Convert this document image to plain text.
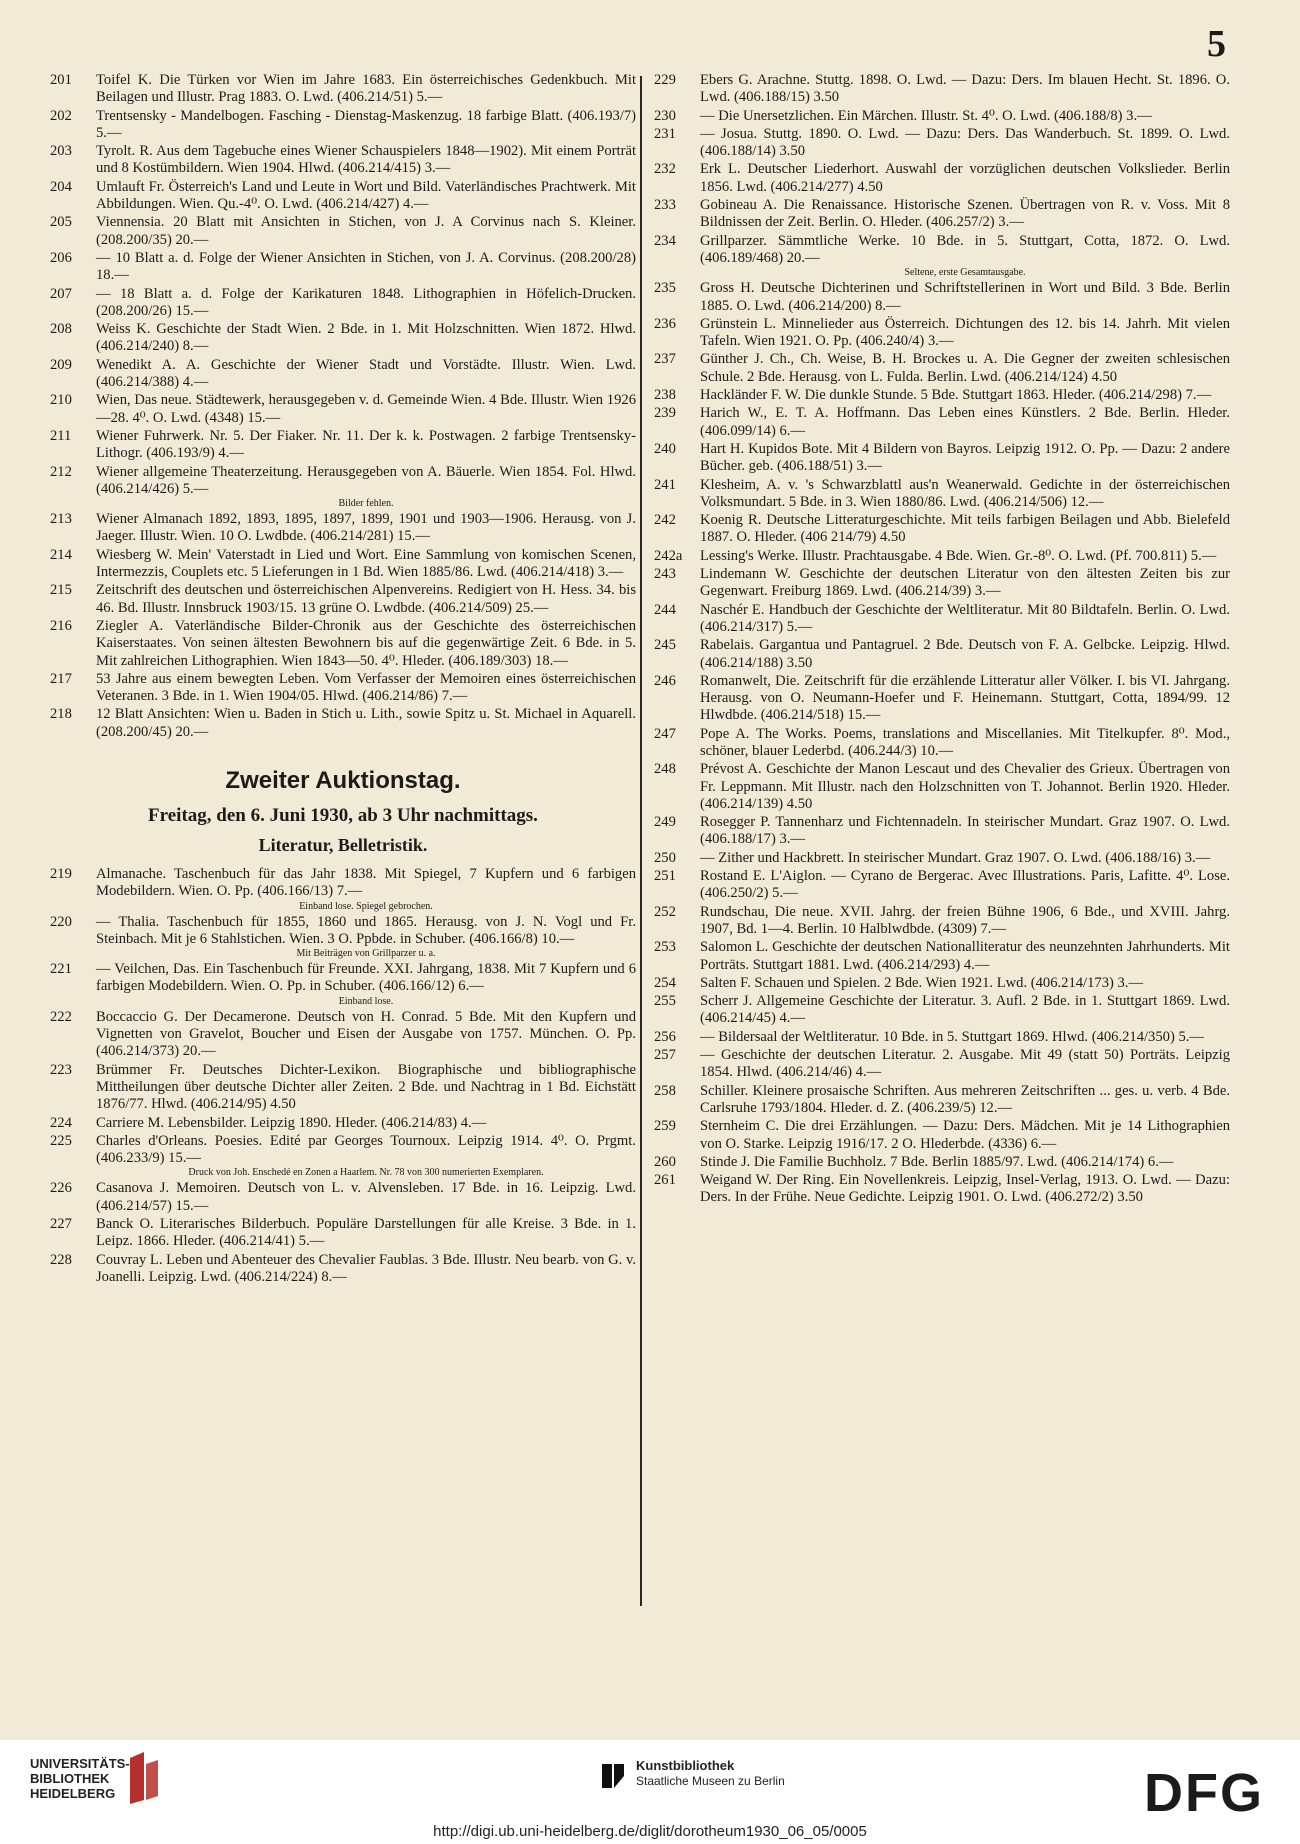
5
201	Toifel K. Die Türken vor Wien im Jahre 1683. Ein österreichisches Gedenkbuch. Mit Beilagen und Illustr. Prag 1883. O. Lwd. (406.214/51) 5.—
202	Trentsensky - Mandelbogen. Fasching - Dienstag-Maskenzug. 18 farbige Blatt. (406.193/7) 5.—
203	Tyrolt. R. Aus dem Tagebuche eines Wiener Schauspielers 1848—1902). Mit einem Porträt und 8 Kostümbildern. Wien 1904. Hlwd. (406.214/415) 3.—
204	Umlauft Fr. Österreich's Land und Leute in Wort und Bild. Vaterländisches Prachtwerk. Mit Abbildungen. Wien. Qu.-4⁰. O. Lwd. (406.214/427) 4.—
205	Viennensia. 20 Blatt mit Ansichten in Stichen, von J. A Corvinus nach S. Kleiner. (208.200/35) 20.—
206	— 10 Blatt a. d. Folge der Wiener Ansichten in Stichen, von J. A. Corvinus. (208.200/28) 18.—
207	— 18 Blatt a. d. Folge der Karikaturen 1848. Lithographien in Höfelich-Drucken. (208.200/26) 15.—
208	Weiss K. Geschichte der Stadt Wien. 2 Bde. in 1. Mit Holzschnitten. Wien 1872. Hlwd. (406.214/240) 8.—
209	Wenedikt A. A. Geschichte der Wiener Stadt und Vorstädte. Illustr. Wien. Lwd. (406.214/388) 4.—
210	Wien, Das neue. Städtewerk, herausgegeben v. d. Gemeinde Wien. 4 Bde. Illustr. Wien 1926—28. 4⁰. O. Lwd. (4348) 15.—
211	Wiener Fuhrwerk. Nr. 5. Der Fiaker. Nr. 11. Der k. k. Postwagen. 2 farbige Trentsensky-Lithogr. (406.193/9) 4.—
212	Wiener allgemeine Theaterzeitung. Herausgegeben von A. Bäuerle. Wien 1854. Fol. Hlwd. (406.214/426) 5.—
Bilder fehlen.
213	Wiener Almanach 1892, 1893, 1895, 1897, 1899, 1901 und 1903—1906. Herausg. von J. Jaeger. Illustr. Wien. 10 O. Lwdbde. (406.214/281) 15.—
214	Wiesberg W. Mein' Vaterstadt in Lied und Wort. Eine Sammlung von komischen Scenen, Intermezzis, Couplets etc. 5 Lieferungen in 1 Bd. Wien 1885/86. Lwd. (406.214/418) 3.—
215	Zeitschrift des deutschen und österreichischen Alpenvereins. Redigiert von H. Hess. 34. bis 46. Bd. Illustr. Innsbruck 1903/15. 13 grüne O. Lwdbde. (406.214/509) 25.—
216	Ziegler A. Vaterländische Bilder-Chronik aus der Geschichte des österreichischen Kaiserstaates. Von seinen ältesten Bewohnern bis auf die gegenwärtige Zeit. 6 Bde. in 5. Mit zahlreichen Lithographien. Wien 1843—50. 4⁰. Hleder. (406.189/303) 18.—
217	53 Jahre aus einem bewegten Leben. Vom Verfasser der Memoiren eines österreichischen Veteranen. 3 Bde. in 1. Wien 1904/05. Hlwd. (406.214/86) 7.—
218	12 Blatt Ansichten: Wien u. Baden in Stich u. Lith., sowie Spitz u. St. Michael in Aquarell. (208.200/45) 20.—
Zweiter Auktionstag.
Freitag, den 6. Juni 1930, ab 3 Uhr nachmittags.
Literatur, Belletristik.
219	Almanache. Taschenbuch für das Jahr 1838. Mit Spiegel, 7 Kupfern und 6 farbigen Modebildern. Wien. O. Pp. (406.166/13) 7.—
Einband lose. Spiegel gebrochen.
220	— Thalia. Taschenbuch für 1855, 1860 und 1865. Herausg. von J. N. Vogl und Fr. Steinbach. Mit je 6 Stahlstichen. Wien. 3 O. Ppbde. in Schuber. (406.166/8) 10.—
Mit Beiträgen von Grillparzer u. a.
221	— Veilchen, Das. Ein Taschenbuch für Freunde. XXI. Jahrgang, 1838. Mit 7 Kupfern und 6 farbigen Modebildern. Wien. O. Pp. in Schuber. (406.166/12) 6.—
Einband lose.
222	Boccaccio G. Der Decamerone. Deutsch von H. Conrad. 5 Bde. Mit den Kupfern und Vignetten von Gravelot, Boucher und Eisen der Ausgabe von 1757. München. O. Pp. (406.214/373) 20.—
223	Brümmer Fr. Deutsches Dichter-Lexikon. Biographische und bibliographische Mittheilungen über deutsche Dichter aller Zeiten. 2 Bde. und Nachtrag in 1 Bd. Eichstätt 1876/77. Hlwd. (406.214/95) 4.50
224	Carriere M. Lebensbilder. Leipzig 1890. Hleder. (406.214/83) 4.—
225	Charles d'Orleans. Poesies. Edité par Georges Tournoux. Leipzig 1914. 4⁰. O. Prgmt. (406.233/9) 15.—
Druck von Joh. Enschedé en Zonen a Haarlem. Nr. 78 von 300 numerierten Exemplaren.
226	Casanova J. Memoiren. Deutsch von L. v. Alvensleben. 17 Bde. in 16. Leipzig. Lwd. (406.214/57) 15.—
227	Banck O. Literarisches Bilderbuch. Populäre Darstellungen für alle Kreise. 3 Bde. in 1. Leipz. 1866. Hleder. (406.214/41) 5.—
228	Couvray L. Leben und Abenteuer des Chevalier Faublas. 3 Bde. Illustr. Neu bearb. von G. v. Joanelli. Leipzig. Lwd. (406.214/224) 8.—
229	Ebers G. Arachne. Stuttg. 1898. O. Lwd. — Dazu: Ders. Im blauen Hecht. St. 1896. O. Lwd. (406.188/15) 3.50
230	— Die Unersetzlichen. Ein Märchen. Illustr. St. 4⁰. O. Lwd. (406.188/8) 3.—
231	— Josua. Stuttg. 1890. O. Lwd. — Dazu: Ders. Das Wanderbuch. St. 1899. O. Lwd. (406.188/14) 3.50
232	Erk L. Deutscher Liederhort. Auswahl der vorzüglichen deutschen Volkslieder. Berlin 1856. Lwd. (406.214/277) 4.50
233	Gobineau A. Die Renaissance. Historische Szenen. Übertragen von R. v. Voss. Mit 8 Bildnissen der Zeit. Berlin. O. Hleder. (406.257/2) 3.—
234	Grillparzer. Sämmtliche Werke. 10 Bde. in 5. Stuttgart, Cotta, 1872. O. Lwd. (406.189/468) 20.—
Seltene, erste Gesamtausgabe.
235	Gross H. Deutsche Dichterinen und Schriftstellerinen in Wort und Bild. 3 Bde. Berlin 1885. O. Lwd. (406.214/200) 8.—
236	Grünstein L. Minnelieder aus Österreich. Dichtungen des 12. bis 14. Jahrh. Mit vielen Tafeln. Wien 1921. O. Pp. (406.240/4) 3.—
237	Günther J. Ch., Ch. Weise, B. H. Brockes u. A. Die Gegner der zweiten schlesischen Schule. 2 Bde. Herausg. von L. Fulda. Berlin. Lwd. (406.214/124) 4.50
238	Hackländer F. W. Die dunkle Stunde. 5 Bde. Stuttgart 1863. Hleder. (406.214/298) 7.—
239	Harich W., E. T. A. Hoffmann. Das Leben eines Künstlers. 2 Bde. Berlin. Hleder. (406.099/14) 6.—
240	Hart H. Kupidos Bote. Mit 4 Bildern von Bayros. Leipzig 1912. O. Pp. — Dazu: 2 andere Bücher. geb. (406.188/51) 3.—
241	Klesheim, A. v. 's Schwarzblattl aus'n Weanerwald. Gedichte in der österreichischen Volksmundart. 5 Bde. in 3. Wien 1880/86. Lwd. (406.214/506) 12.—
242	Koenig R. Deutsche Litteraturgeschichte. Mit teils farbigen Beilagen und Abb. Bielefeld 1887. O. Hleder. (406 214/79) 4.50
242a	Lessing's Werke. Illustr. Prachtausgabe. 4 Bde. Wien. Gr.-8⁰. O. Lwd. (Pf. 700.811) 5.—
243	Lindemann W. Geschichte der deutschen Literatur von den ältesten Zeiten bis zur Gegenwart. Freiburg 1869. Lwd. (406.214/39) 3.—
244	Naschér E. Handbuch der Geschichte der Weltliteratur. Mit 80 Bildtafeln. Berlin. O. Lwd. (406.214/317) 5.—
245	Rabelais. Gargantua und Pantagruel. 2 Bde. Deutsch von F. A. Gelbcke. Leipzig. Hlwd. (406.214/188) 3.50
246	Romanwelt, Die. Zeitschrift für die erzählende Litteratur aller Völker. I. bis VI. Jahrgang. Herausg. von O. Neumann-Hoefer und F. Heinemann. Stuttgart, Cotta, 1894/99. 12 Hlwdbde. (406.214/518) 15.—
247	Pope A. The Works. Poems, translations and Miscellanies. Mit Titelkupfer. 8⁰. Mod., schöner, blauer Lederbd. (406.244/3) 10.—
248	Prévost A. Geschichte der Manon Lescaut und des Chevalier des Grieux. Übertragen von Fr. Leppmann. Mit Illustr. nach den Holzschnitten von T. Johannot. Berlin 1920. Hleder. (406.214/139) 4.50
249	Rosegger P. Tannenharz und Fichtennadeln. In steirischer Mundart. Graz 1907. O. Lwd. (406.188/17) 3.—
250	— Zither und Hackbrett. In steirischer Mundart. Graz 1907. O. Lwd. (406.188/16) 3.—
251	Rostand E. L'Aiglon. — Cyrano de Bergerac. Avec Illustrations. Paris, Lafitte. 4⁰. Lose. (406.250/2) 5.—
252	Rundschau, Die neue. XVII. Jahrg. der freien Bühne 1906, 6 Bde., und XVIII. Jahrg. 1907, Bd. 1—4. Berlin. 10 Halblwdbde. (4309) 7.—
253	Salomon L. Geschichte der deutschen Nationalliteratur des neunzehnten Jahrhunderts. Mit Porträts. Stuttgart 1881. Lwd. (406.214/293) 4.—
254	Salten F. Schauen und Spielen. 2 Bde. Wien 1921. Lwd. (406.214/173) 3.—
255	Scherr J. Allgemeine Geschichte der Literatur. 3. Aufl. 2 Bde. in 1. Stuttgart 1869. Lwd. (406.214/45) 4.—
256	— Bildersaal der Weltliteratur. 10 Bde. in 5. Stuttgart 1869. Hlwd. (406.214/350) 5.—
257	— Geschichte der deutschen Literatur. 2. Ausgabe. Mit 49 (statt 50) Porträts. Leipzig 1854. Hlwd. (406.214/46) 4.—
258	Schiller. Kleinere prosaische Schriften. Aus mehreren Zeitschriften ... ges. u. verb. 4 Bde. Carlsruhe 1793/1804. Hleder. d. Z. (406.239/5) 12.—
259	Sternheim C. Die drei Erzählungen. — Dazu: Ders. Mädchen. Mit je 14 Lithographien von O. Starke. Leipzig 1916/17. 2 O. Hlederbde. (4336) 6.—
260	Stinde J. Die Familie Buchholz. 7 Bde. Berlin 1885/97. Lwd. (406.214/174) 6.—
261	Weigand W. Der Ring. Ein Novellenkreis. Leipzig, Insel-Verlag, 1913. O. Lwd. — Dazu: Ders. In der Frühe. Neue Gedichte. Leipzig 1901. O. Lwd. (406.272/2) 3.50
UNIVERSITÄTS-
BIBLIOTHEK
HEIDELBERG
Kunstbibliothek
Staatliche Museen zu Berlin	DFG
http://digi.ub.uni-heidelberg.de/diglit/dorotheum1930_06_05/0005
